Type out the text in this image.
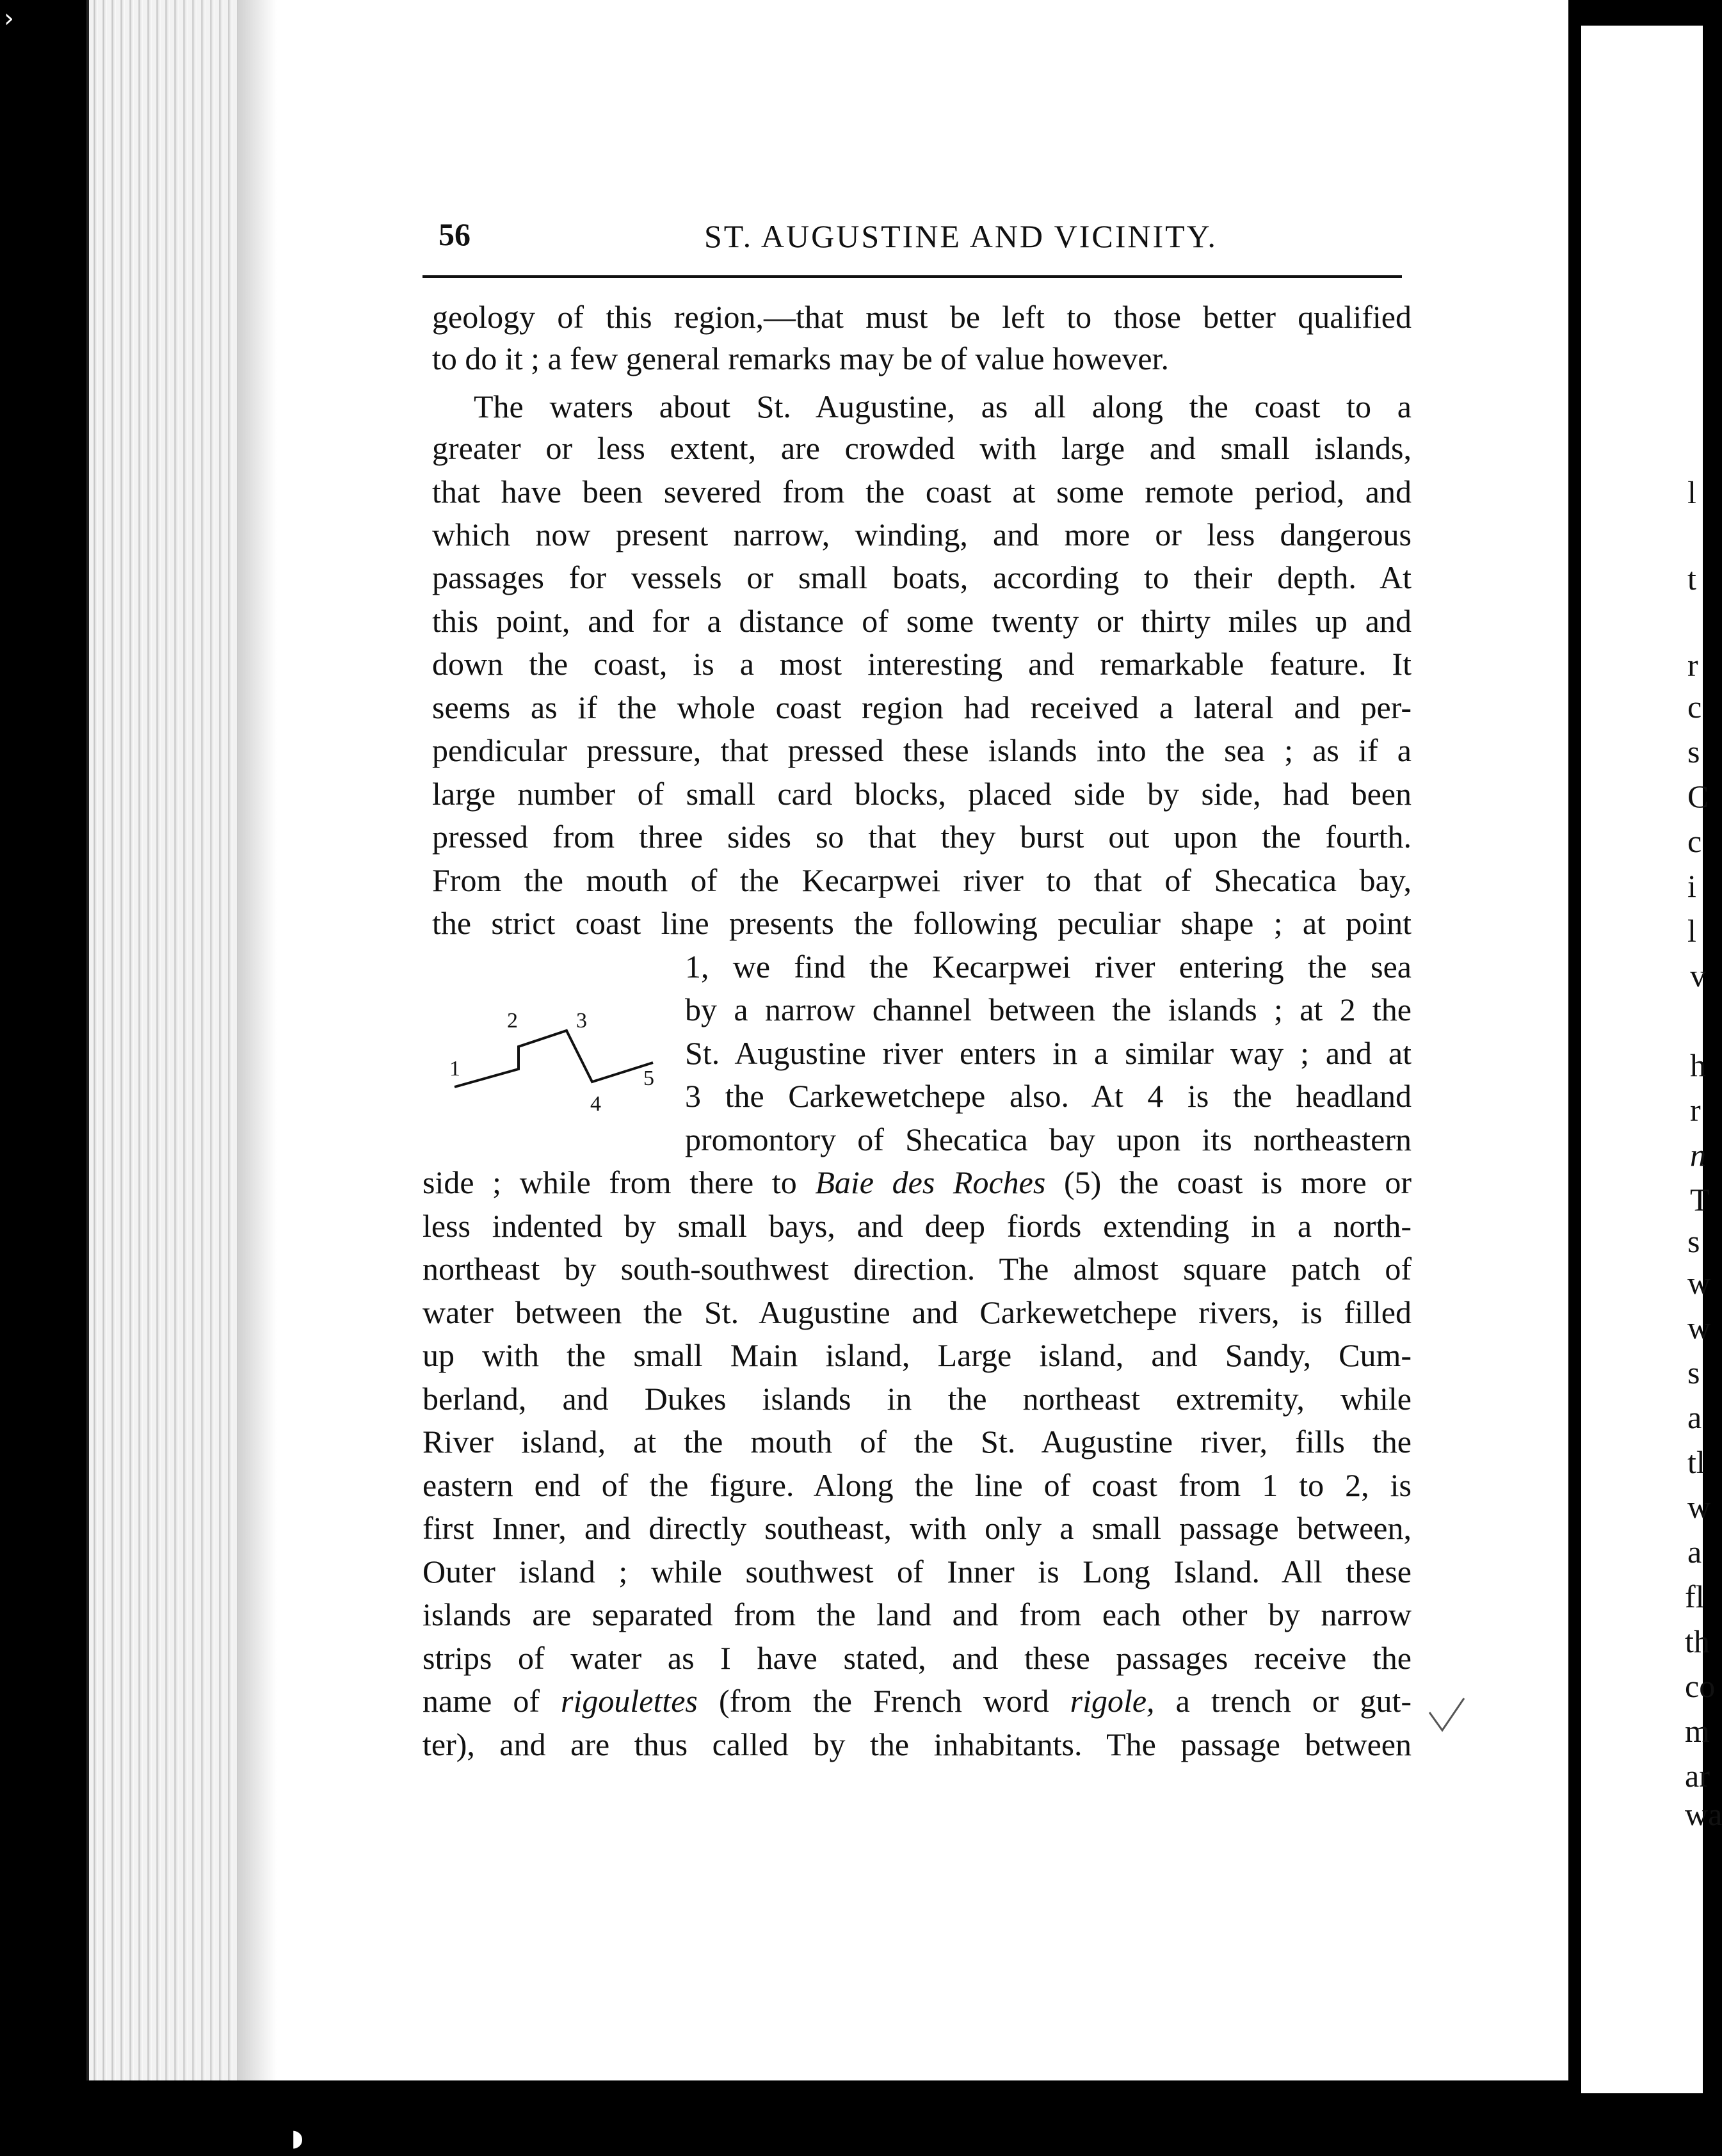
›
◗
56	ST. AUGUSTINE AND VICINITY.
geology of this region,—that must be left to those better qualified
to do it ; a few general remarks may be of value however.
The waters about St. Augustine, as all along the coast to a
greater or less extent, are crowded with large and small islands,
that have been severed from the coast at some remote period, and
which now present narrow, winding, and more or less dangerous
passages for vessels or small boats, according to their depth. At
this point, and for a distance of some twenty or thirty miles up and
down the coast, is a most interesting and remarkable feature. It
seems as if the whole coast region had received a lateral and per-
pendicular pressure, that pressed these islands into the sea ; as if a
large number of small card blocks, placed side by side, had been
pressed from three sides so that they burst out upon the fourth.
From the mouth of the Kecarpwei river to that of Shecatica bay,
the strict coast line presents the following peculiar shape ; at point
1, we find the Kecarpwei river entering the sea
by a narrow channel between the islands ; at 2 the
St. Augustine river enters in a similar way ; and at
3 the Carkewetchepe also. At 4 is the headland
promontory of Shecatica bay upon its northeastern
side ; while from there to Baie des Roches (5) the coast is more or
less indented by small bays, and deep fiords extending in a north-
northeast by south-southwest direction. The almost square patch of
water between the St. Augustine and Carkewetchepe rivers, is filled
up with the small Main island, Large island, and Sandy, Cum-
berland, and Dukes islands in the northeast extremity, while
River island, at the mouth of the St. Augustine river, fills the
eastern end of the figure. Along the line of coast from 1 to 2, is
first Inner, and directly southeast, with only a small passage between,
Outer island ; while southwest of Inner is Long Island. All these
islands are separated from the land and from each other by narrow
strips of water as I have stated, and these passages receive the
name of rigoulettes (from the French word rigole, a trench or gut-
ter), and are thus called by the inhabitants. The passage between
1
2	3
4
5
l
t
r
c
s
C
c
i
l
v
h
r
n
T
s
w
w
s
a
tl
w
a
fl
th
co
m
ar
wa
